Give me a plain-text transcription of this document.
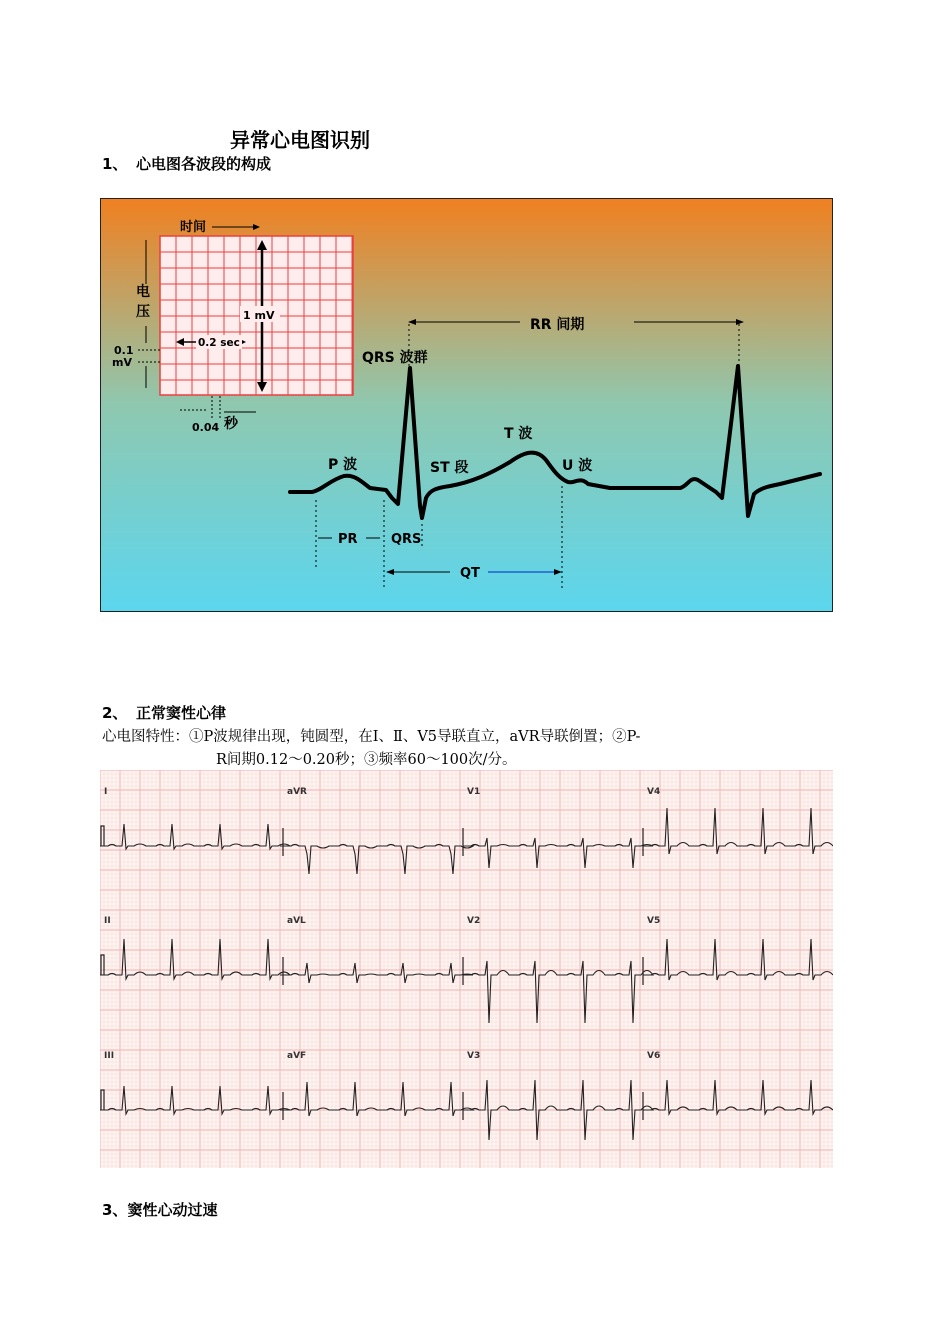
异常心电图识别
1、 心电图各波段的构成
时间
电
压
0.1
mV
1 mV
0.2 sec
0.04 秒
RR 间期
QRS 波群
T 波
P 波	ST 段	U 波
PR	QRS
QT
2、 正常窦性心律
心电图特性：①P波规律出现，钝圆型，在Ⅰ、Ⅱ、Ⅴ5导联直立，aVR导联倒置；②P-
R间期0.12～0.20秒；③频率60～100次/分。
I	aVR	V1	V4
II	aVL	V2	V5
III	aVF	V3	V6
3、窦性心动过速
